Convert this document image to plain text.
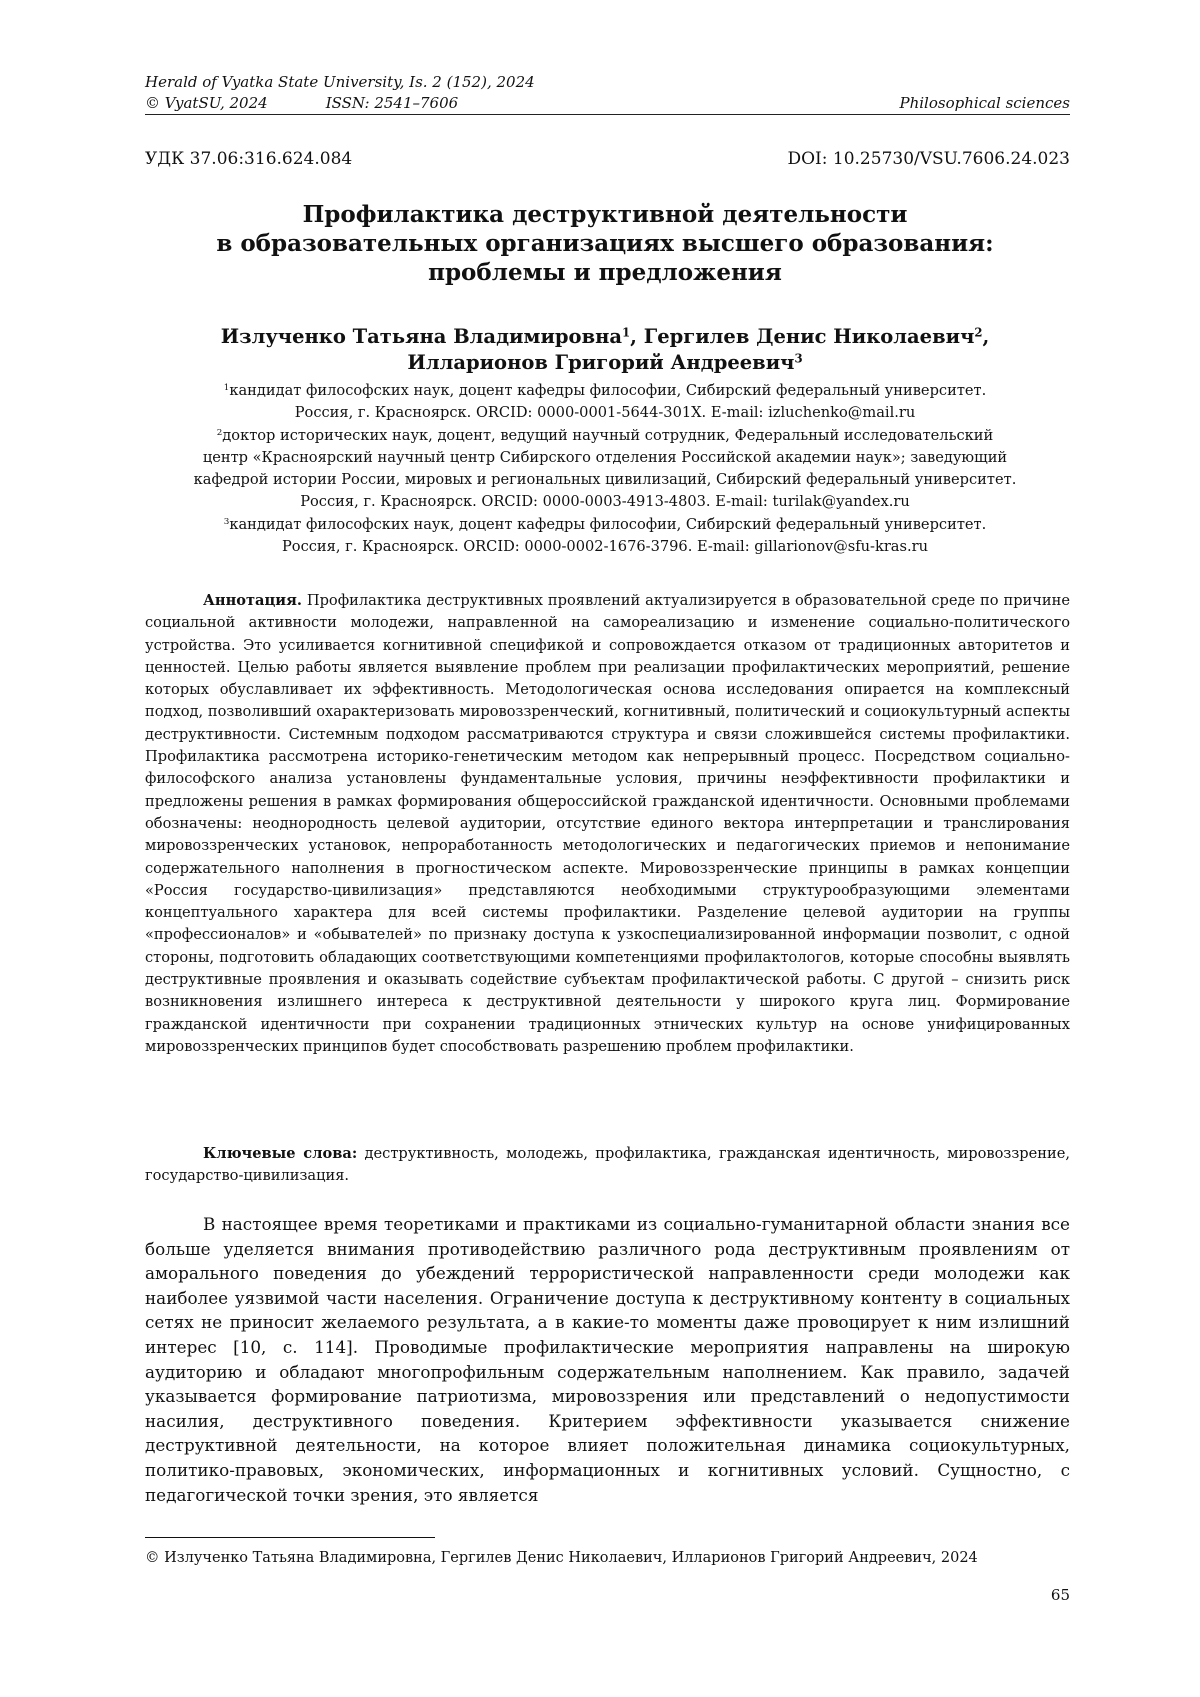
Herald of Vyatka State University, Is. 2 (152), 2024
© VyatSU, 2024	ISSN: 2541–7606	Philosophical sciences
УДК 37.06:316.624.084	DOI: 10.25730/VSU.7606.24.023
Профилактика деструктивной деятельности
в образовательных организациях высшего образования:
проблемы и предложения
Излученко Татьяна Владимировна1, Гергилев Денис Николаевич2,
Илларионов Григорий Андреевич3
1кандидат философских наук, доцент кафедры философии, Сибирский федеральный университет.
Россия, г. Красноярск. ORCID: 0000-0001-5644-301X. E-mail: izluchenko@mail.ru
2доктор исторических наук, доцент, ведущий научный сотрудник, Федеральный исследовательский
центр «Красноярский научный центр Сибирского отделения Российской академии наук»; заведующий
кафедрой истории России, мировых и региональных цивилизаций, Сибирский федеральный университет.
Россия, г. Красноярск. ORCID: 0000-0003-4913-4803. E-mail: turilak@yandex.ru
3кандидат философских наук, доцент кафедры философии, Сибирский федеральный университет.
Россия, г. Красноярск. ORCID: 0000-0002-1676-3796. E-mail: gillarionov@sfu-kras.ru
Аннотация. Профилактика деструктивных проявлений актуализируется в образовательной среде по причине социальной активности молодежи, направленной на самореализацию и изменение социально-политического устройства. Это усиливается когнитивной спецификой и сопровождается отказом от традиционных авторитетов и ценностей. Целью работы является выявление проблем при реализации профилактических мероприятий, решение которых обуславливает их эффективность. Методологическая основа исследования опирается на комплексный подход, позволивший охарактеризовать мировоззренческий, когнитивный, политический и социокультурный аспекты деструктивности. Системным подходом рассматриваются структура и связи сложившейся системы профилактики. Профилактика рассмотрена историко-генетическим методом как непрерывный процесс. Посредством социально-философского анализа установлены фундаментальные условия, причины неэффективности профилактики и предложены решения в рамках формирования общероссийской гражданской идентичности. Основными проблемами обозначены: неоднородность целевой аудитории, отсутствие единого вектора интерпретации и транслирования мировоззренческих установок, непроработанность методологических и педагогических приемов и непонимание содержательного наполнения в прогностическом аспекте. Мировоззренческие принципы в рамках концепции «Россия государство-цивилизация» представляются необходимыми структурообразующими элементами концептуального характера для всей системы профилактики. Разделение целевой аудитории на группы «профессионалов» и «обывателей» по признаку доступа к узкоспециализированной информации позволит, с одной стороны, подготовить обладающих соответствующими компетенциями профилактологов, которые способны выявлять деструктивные проявления и оказывать содействие субъектам профилактической работы. С другой – снизить риск возникновения излишнего интереса к деструктивной деятельности у широкого круга лиц. Формирование гражданской идентичности при сохранении традиционных этнических культур на основе унифицированных мировоззренческих принципов будет способствовать разрешению проблем профилактики.
Ключевые слова: деструктивность, молодежь, профилактика, гражданская идентичность, мировоззрение, государство-цивилизация.
В настоящее время теоретиками и практиками из социально-гуманитарной области знания все больше уделяется внимания противодействию различного рода деструктивным проявлениям от аморального поведения до убеждений террористической направленности среди молодежи как наиболее уязвимой части населения. Ограничение доступа к деструктивному контенту в социальных сетях не приносит желаемого результата, а в какие-то моменты даже провоцирует к ним излишний интерес [10, с. 114]. Проводимые профилактические мероприятия направлены на широкую аудиторию и обладают многопрофильным содержательным наполнением. Как правило, задачей указывается формирование патриотизма, мировоззрения или представлений о недопустимости насилия, деструктивного поведения. Критерием эффективности указывается снижение деструктивной деятельности, на которое влияет положительная динамика социокультурных, политико-правовых, экономических, информационных и когнитивных условий. Сущностно, с педагогической точки зрения, это является
© Излученко Татьяна Владимировна, Гергилев Денис Николаевич, Илларионов Григорий Андреевич, 2024
65
